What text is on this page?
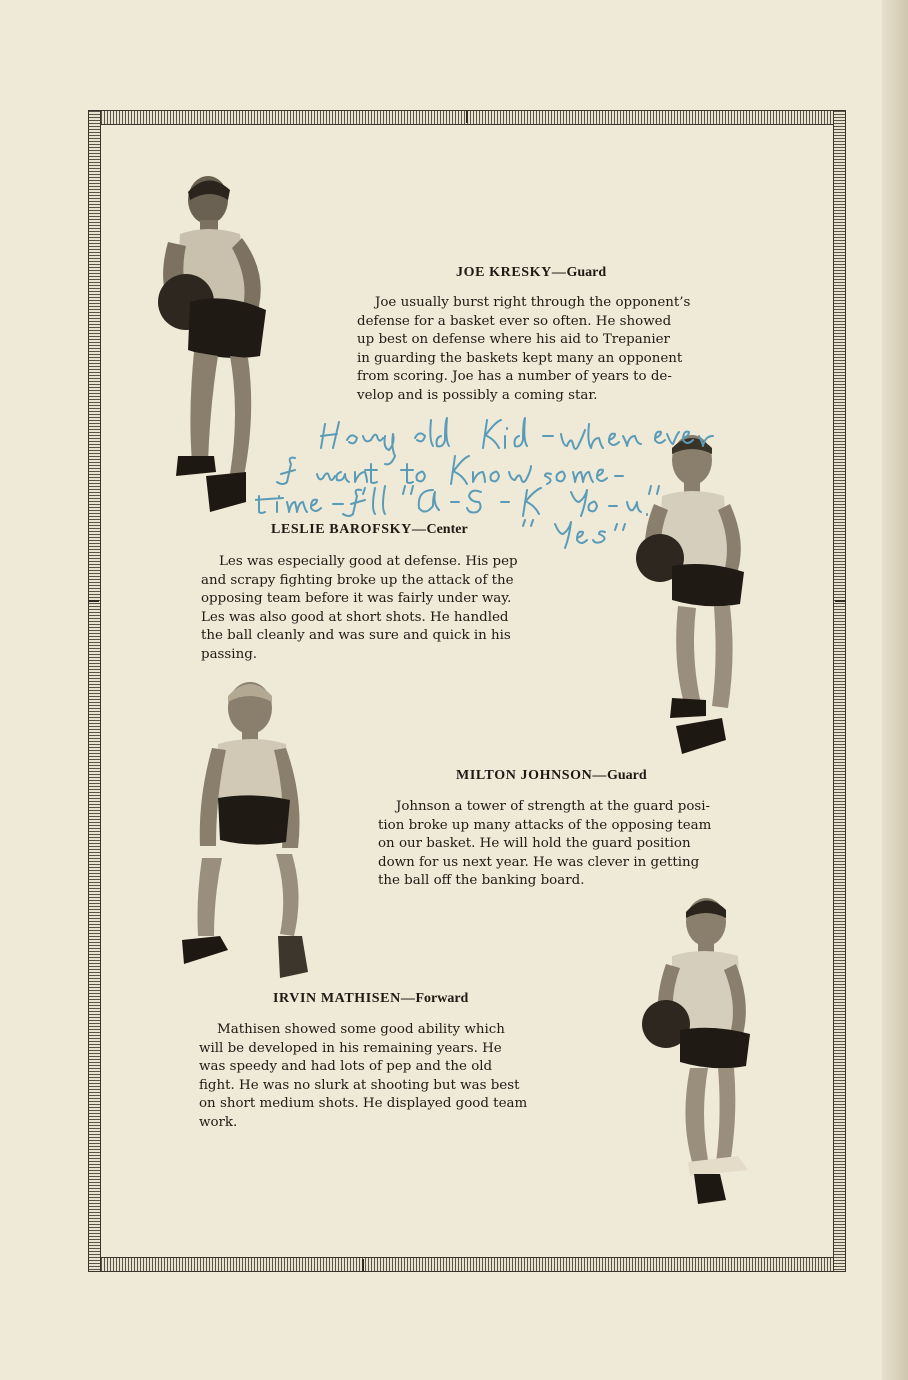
JOE KRESKY—Guard
Joe usually burst right through the opponent’s
defense for a basket ever so often. He showed
up best on defense where his aid to Trepanier
in guarding the baskets kept many an opponent
from scoring. Joe has a number of years to de-
velop and is possibly a coming star.
LESLIE BAROFSKY—Center
Les was especially good at defense. His pep
and scrapy fighting broke up the attack of the
opposing team before it was fairly under way.
Les was also good at short shots. He handled
the ball cleanly and was sure and quick in his
passing.
MILTON JOHNSON—Guard
Johnson a tower of strength at the guard posi-
tion broke up many attacks of the opposing team
on our basket. He will hold the guard position
down for us next year. He was clever in getting
the ball off the banking board.
IRVIN MATHISEN—Forward
Mathisen showed some good ability which
will be developed in his remaining years. He
was speedy and had lots of pep and the old
fight. He was no slurk at shooting but was best
on short medium shots. He displayed good team
work.
